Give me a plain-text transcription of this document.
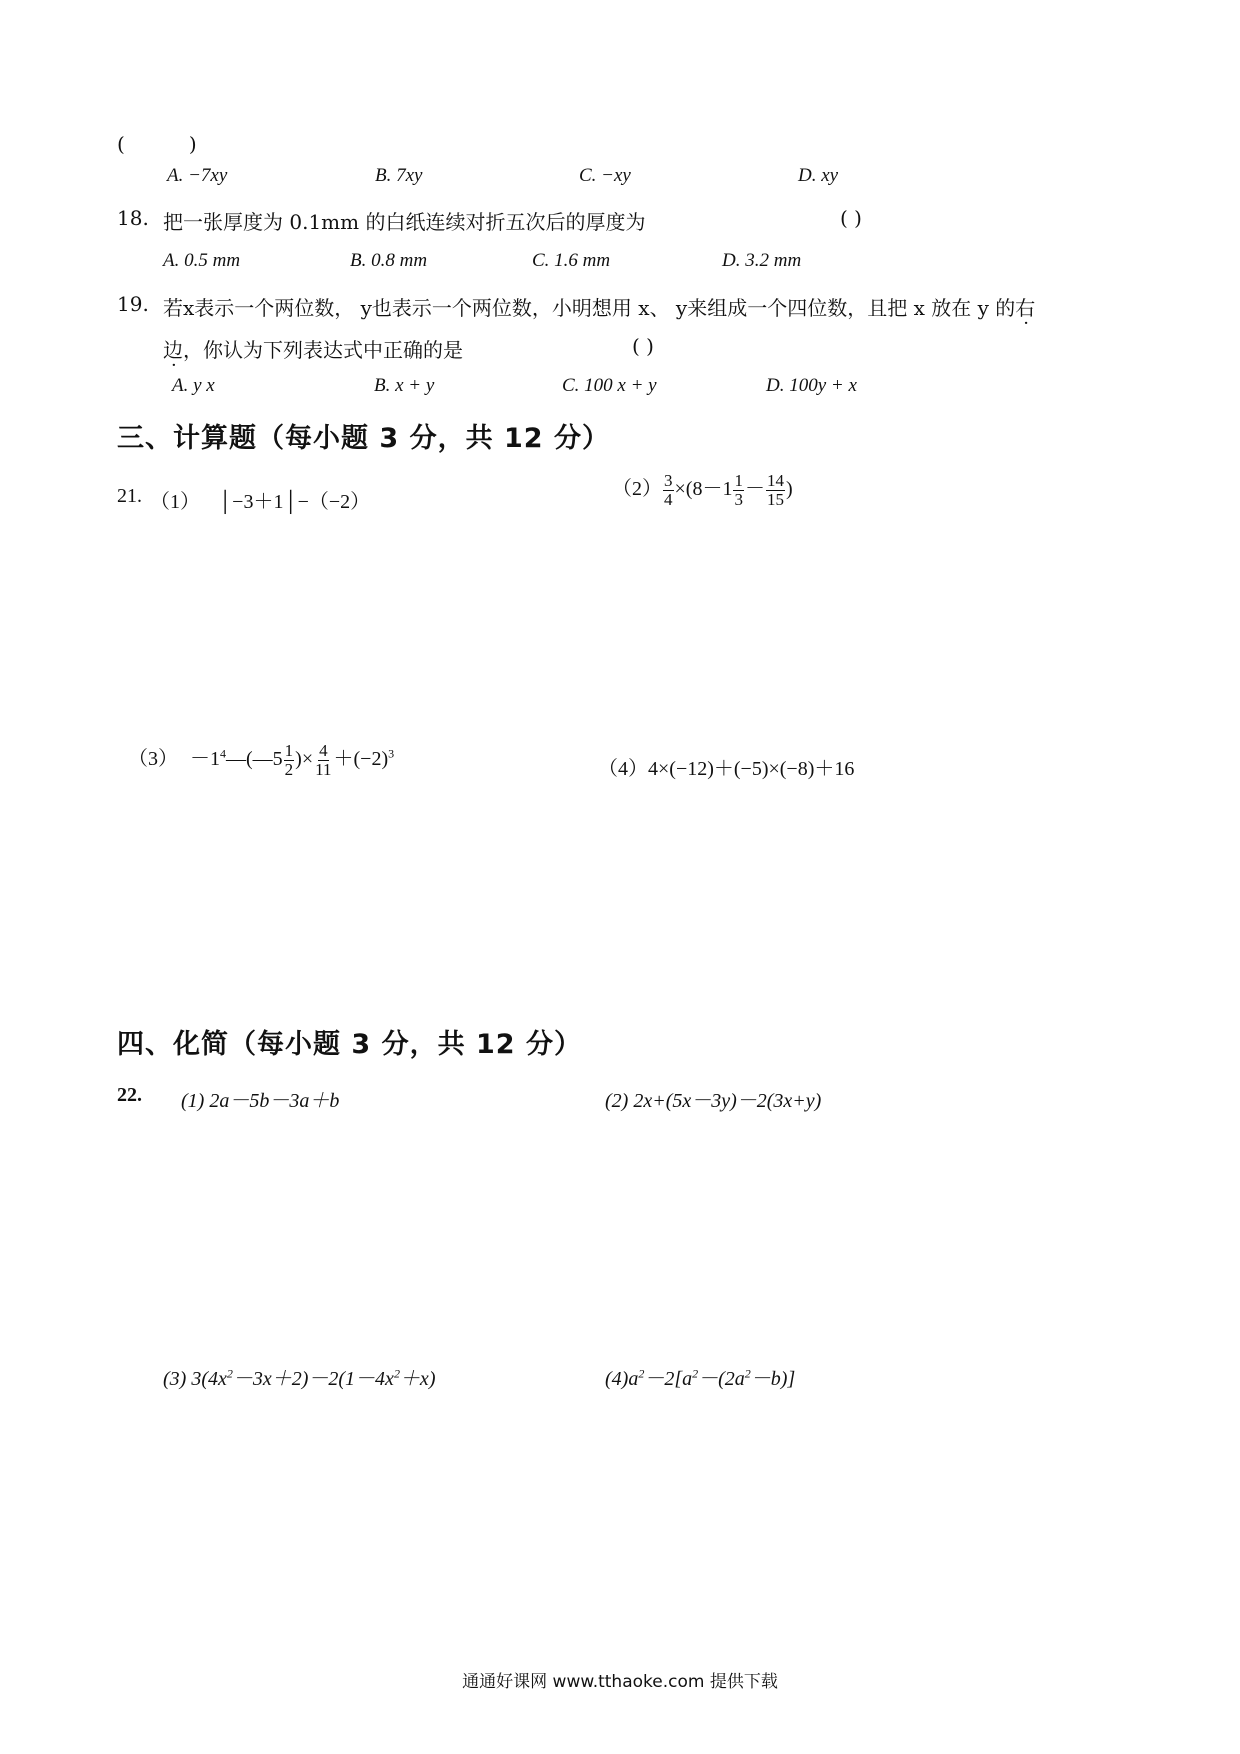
(	)
A. −7xy	B. 7xy	C. −xy	D. xy
18. 把一张厚度为 0.1mm 的白纸连续对折五次后的厚度为	( )
A. 0.5 mm	B. 0.8 mm	C. 1.6 mm	D. 3.2 mm
19. 若x表示一个两位数， y也表示一个两位数，小明想用 x、 y来组成一个四位数，且把 x 放在 y 的右
边，你认为下列表达式中正确的是	( )
A. y x	B. x + y	C. 100 x + y	D. 100y + x
三、计算题（每小题 3 分，共 12 分）
21. （1） │−3＋1│−（−2）
$(2) \frac{3}{4} \times(8-1 \frac{1}{3} - \frac{14}{15}$ )
$(3) -1^4—(—5 \frac{1}{2}$ )× $\frac{4}{11} +(-2)^3$
（4）4×(−12)＋(−5)×(−8)＋16
四、化简（每小题 3 分，共 12 分）
22. (1) 2a－5b－3a＋b	(2) 2x+(5x－3y)－2(3x+y)
(3) $3(4x^2-3x+2)-2(1-4x^2+x)$	$(4)a^2-2[a^2-(2a^2-b)]$
通通好课网 www.tthaoke.com 提供下载
